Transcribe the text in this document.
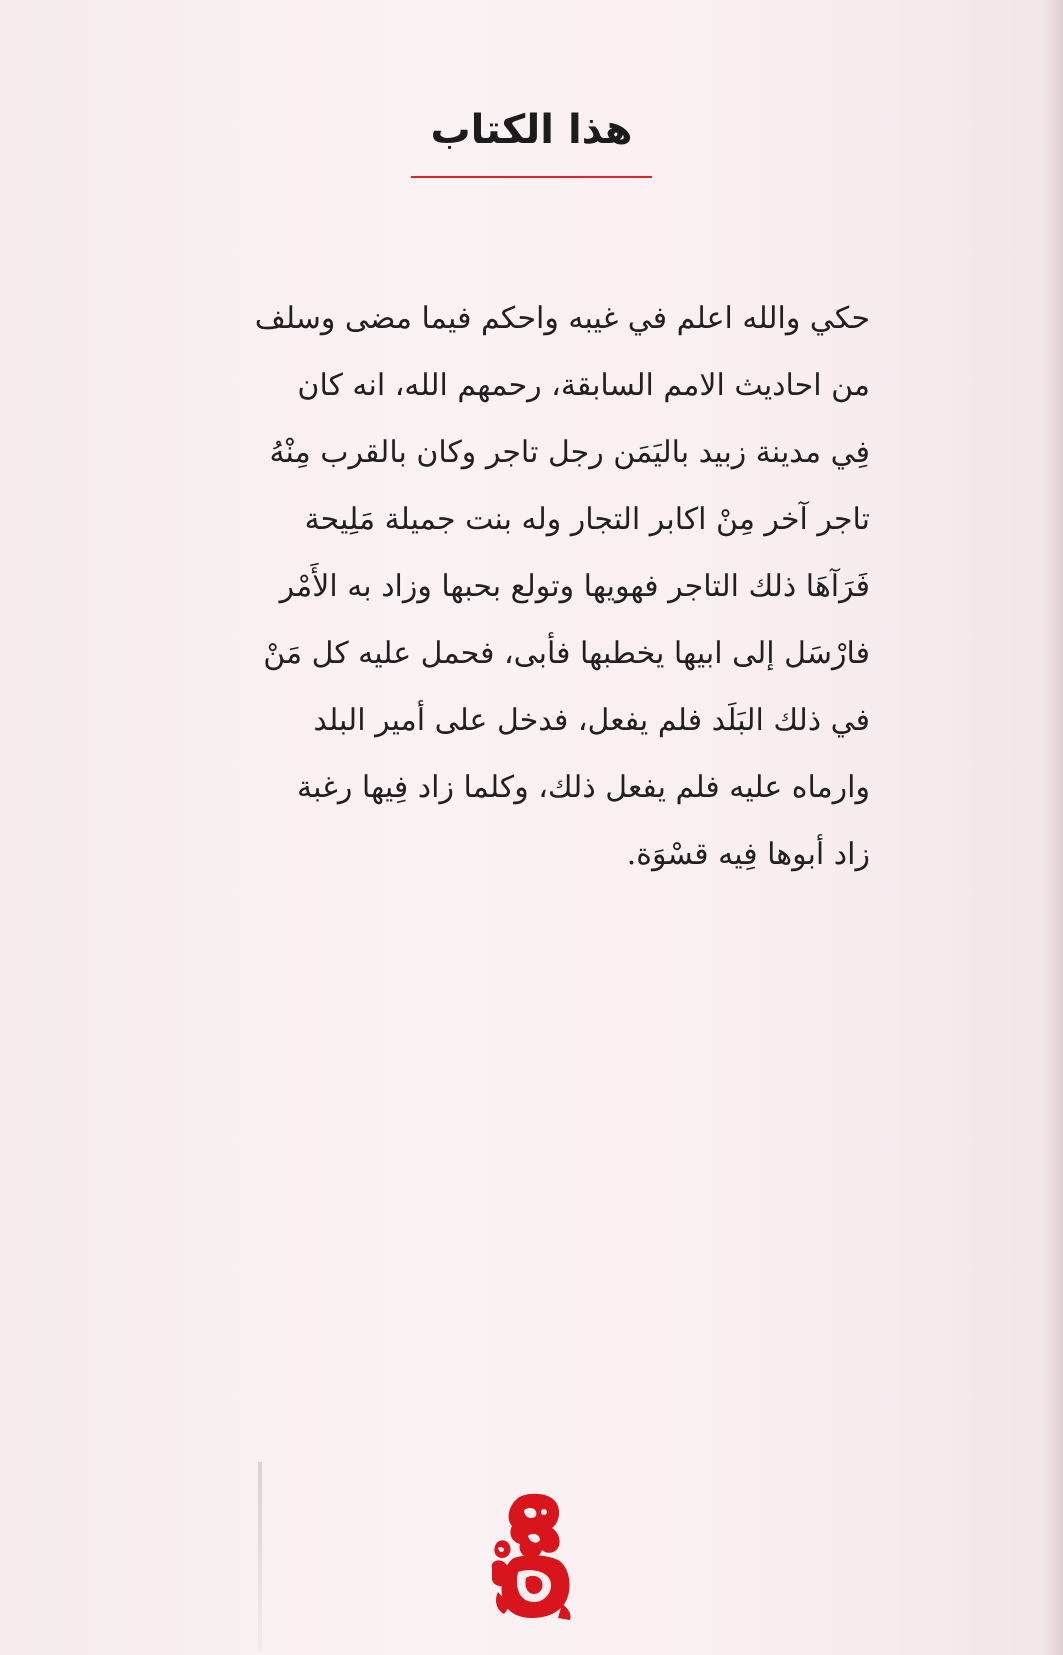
هذا الكتاب
حكي والله اعلم في غيبه واحكم فيما مضى وسلف
من احاديث الامم السابقة، رحمهم الله، انه كان
فِي مدينة زبيد باليَمَن رجل تاجر وكان بالقرب مِنْهُ
تاجر آخر مِنْ اكابر التجار وله بنت جميلة مَلِيحة
فَرَآهَا ذلك التاجر فهويها وتولع بحبها وزاد به الأَمْر
فارْسَل إلى ابيها يخطبها فأبى، فحمل عليه كل مَنْ
في ذلك البَلَد فلم يفعل، فدخل على أمير البلد
وارماه عليه فلم يفعل ذلك، وكلما زاد فِيها رغبة
زاد أبوها فِيه قسْوَة.
